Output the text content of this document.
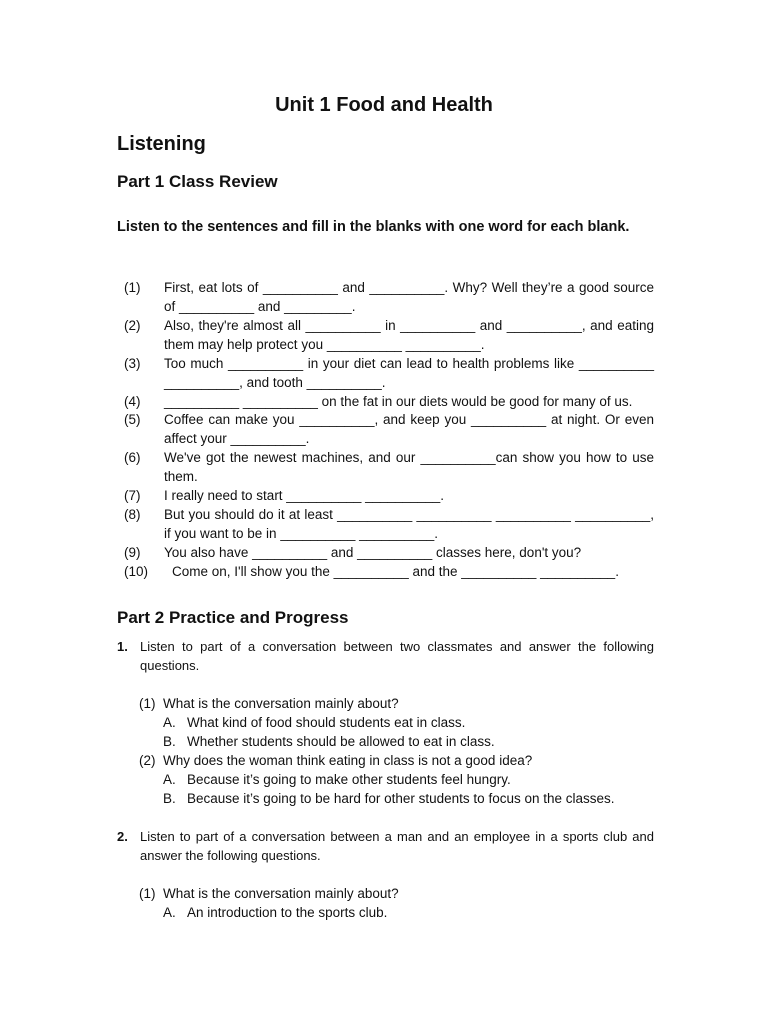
Unit 1 Food and Health
Listening
Part 1 Class Review

Listen to the sentences and fill in the blanks with one word for each blank.

(1)	First, eat lots of __________ and __________. Why? Well they’re a good source of __________ and _________.
(2)	Also, they're almost all __________ in __________ and __________, and eating them may help protect you __________ __________.
(3)	Too much __________ in your diet can lead to health problems like __________ __________, and tooth __________.
(4)	__________ __________ on the fat in our diets would be good for many of us.
(5)	Coffee can make you __________, and keep you __________ at night. Or even affect your __________.
(6)	We've got the newest machines, and our __________can show you how to use them.
(7)	I really need to start __________ __________.
(8)	But you should do it at least __________ __________ __________ __________, if you want to be in __________ __________.
(9)	You also have __________ and __________ classes here, don't you?
(10)	Come on, I'll show you the __________ and the __________ __________.
Part 2 Practice and Progress
1. Listen to part of a conversation between two classmates and answer the following questions.
(1) What is the conversation mainly about?
A. What kind of food should students eat in class.
B. Whether students should be allowed to eat in class.
(2) Why does the woman think eating in class is not a good idea?
A. Because it’s going to make other students feel hungry.
B. Because it’s going to be hard for other students to focus on the classes.
2. Listen to part of a conversation between a man and an employee in a sports club and answer the following questions.
(1) What is the conversation mainly about?
A. An introduction to the sports club.
